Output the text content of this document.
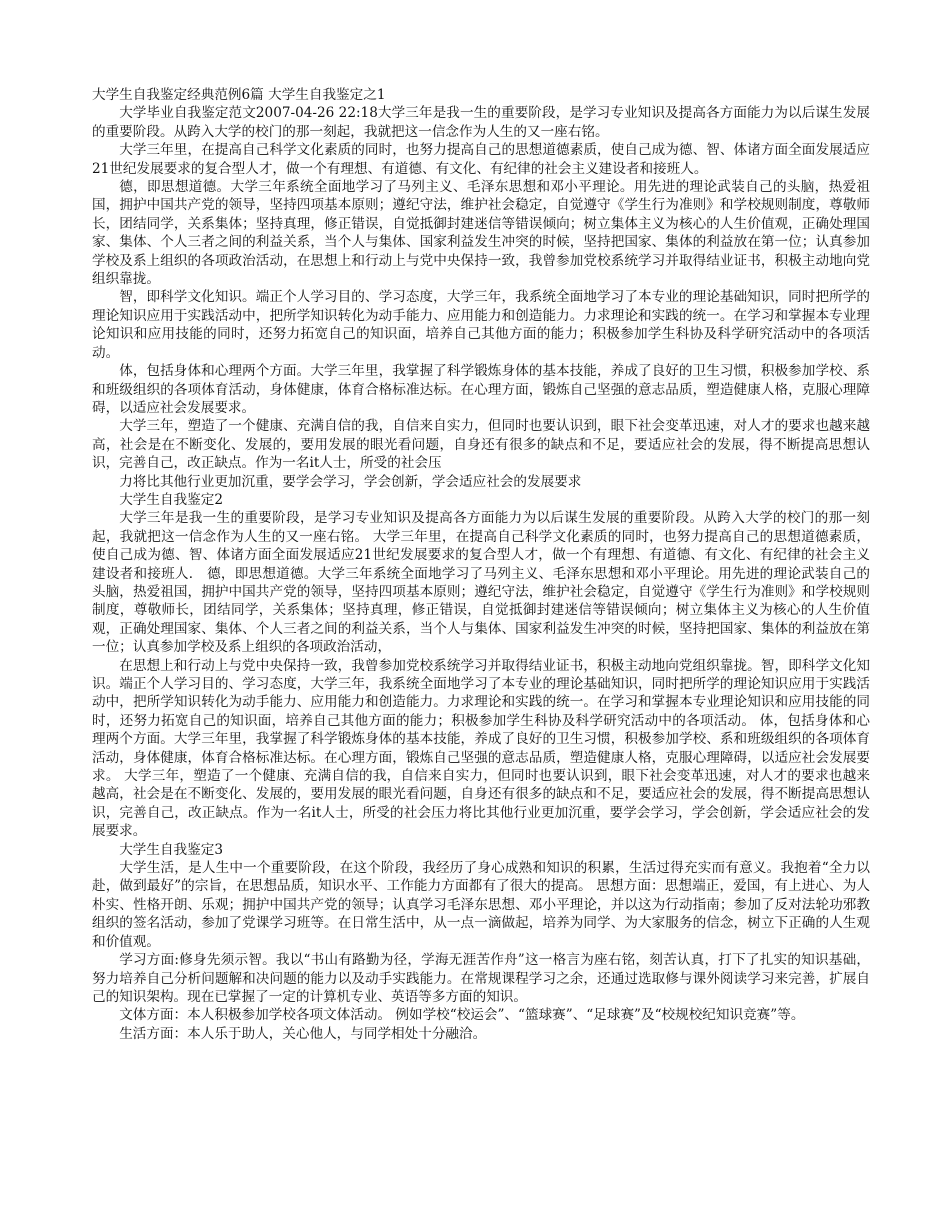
大学生自我鉴定经典范例6篇 大学生自我鉴定之1

大学毕业自我鉴定范文2007-04-26 22:18大学三年是我一生的重要阶段，是学习专业知识及提高各方面能力为以后谋生发展的重要阶段。从跨入大学的校门的那一刻起，我就把这一信念作为人生的又一座右铭。

大学三年里，在提高自己科学文化素质的同时，也努力提高自己的思想道德素质，使自己成为德、智、体诸方面全面发展适应21世纪发展要求的复合型人才，做一个有理想、有道德、有文化、有纪律的社会主义建设者和接班人。

德，即思想道德。大学三年系统全面地学习了马列主义、毛泽东思想和邓小平理论。用先进的理论武装自己的头脑，热爱祖国，拥护中国共产党的领导，坚持四项基本原则；遵纪守法，维护社会稳定，自觉遵守《学生行为准则》和学校规则制度，尊敬师长，团结同学，关系集体；坚持真理，修正错误，自觉抵御封建迷信等错误倾向；树立集体主义为核心的人生价值观，正确处理国家、集体、个人三者之间的利益关系，当个人与集体、国家利益发生冲突的时候，坚持把国家、集体的利益放在第一位；认真参加学校及系上组织的各项政治活动，在思想上和行动上与党中央保持一致，我曾参加党校系统学习并取得结业证书，积极主动地向党组织靠拢。

智，即科学文化知识。端正个人学习目的、学习态度，大学三年，我系统全面地学习了本专业的理论基础知识，同时把所学的理论知识应用于实践活动中，把所学知识转化为动手能力、应用能力和创造能力。力求理论和实践的统一。在学习和掌握本专业理论知识和应用技能的同时，还努力拓宽自己的知识面，培养自己其他方面的能力；积极参加学生科协及科学研究活动中的各项活动。

体，包括身体和心理两个方面。大学三年里，我掌握了科学锻炼身体的基本技能，养成了良好的卫生习惯，积极参加学校、系和班级组织的各项体育活动，身体健康，体育合格标准达标。在心理方面，锻炼自己坚强的意志品质，塑造健康人格，克服心理障碍，以适应社会发展要求。

大学三年，塑造了一个健康、充满自信的我，自信来自实力，但同时也要认识到，眼下社会变革迅速，对人才的要求也越来越高，社会是在不断变化、发展的，要用发展的眼光看问题，自身还有很多的缺点和不足，要适应社会的发展，得不断提高思想认识，完善自己，改正缺点。作为一名it人士，所受的社会压

力将比其他行业更加沉重，要学会学习，学会创新，学会适应社会的发展要求

大学生自我鉴定2

大学三年是我一生的重要阶段，是学习专业知识及提高各方面能力为以后谋生发展的重要阶段。从跨入大学的校门的那一刻起，我就把这一信念作为人生的又一座右铭。 大学三年里，在提高自己科学文化素质的同时，也努力提高自己的思想道德素质，使自己成为德、智、体诸方面全面发展适应21世纪发展要求的复合型人才，做一个有理想、有道德、有文化、有纪律的社会主义建设者和接班人． 德，即思想道德。大学三年系统全面地学习了马列主义、毛泽东思想和邓小平理论。用先进的理论武装自己的头脑，热爱祖国，拥护中国共产党的领导，坚持四项基本原则；遵纪守法，维护社会稳定，自觉遵守《学生行为准则》和学校规则制度，尊敬师长，团结同学，关系集体；坚持真理，修正错误，自觉抵御封建迷信等错误倾向；树立集体主义为核心的人生价值观，正确处理国家、集体、个人三者之间的利益关系，当个人与集体、国家利益发生冲突的时候，坚持把国家、集体的利益放在第一位；认真参加学校及系上组织的各项政治活动，

在思想上和行动上与党中央保持一致，我曾参加党校系统学习并取得结业证书，积极主动地向党组织靠拢。智，即科学文化知识。端正个人学习目的、学习态度，大学三年，我系统全面地学习了本专业的理论基础知识，同时把所学的理论知识应用于实践活动中，把所学知识转化为动手能力、应用能力和创造能力。力求理论和实践的统一。在学习和掌握本专业理论知识和应用技能的同时，还努力拓宽自己的知识面，培养自己其他方面的能力；积极参加学生科协及科学研究活动中的各项活动。 体，包括身体和心理两个方面。大学三年里，我掌握了科学锻炼身体的基本技能，养成了良好的卫生习惯，积极参加学校、系和班级组织的各项体育活动，身体健康，体育合格标准达标。在心理方面，锻炼自己坚强的意志品质，塑造健康人格，克服心理障碍，以适应社会发展要求。 大学三年，塑造了一个健康、充满自信的我，自信来自实力，但同时也要认识到，眼下社会变革迅速，对人才的要求也越来越高，社会是在不断变化、发展的，要用发展的眼光看问题，自身还有很多的缺点和不足，要适应社会的发展，得不断提高思想认识，完善自己，改正缺点。作为一名it人士，所受的社会压力将比其他行业更加沉重，要学会学习，学会创新，学会适应社会的发展要求。

大学生自我鉴定3

大学生活，是人生中一个重要阶段，在这个阶段，我经历了身心成熟和知识的积累，生活过得充实而有意义。我抱着“全力以赴，做到最好”的宗旨，在思想品质，知识水平、工作能力方面都有了很大的提高。 思想方面：思想端正，爱国，有上进心、为人朴实、性格开朗、乐观；拥护中国共产党的领导；认真学习毛泽东思想、邓小平理论，并以这为行动指南；参加了反对法轮功邪教组织的签名活动，参加了党课学习班等。在日常生活中，从一点一滴做起，培养为同学、为大家服务的信念，树立下正确的人生观和价值观。

学习方面:修身先须示智。我以“书山有路勤为径，学海无涯苦作舟”这一格言为座右铭，刻苦认真，打下了扎实的知识基础，努力培养自己分析问题解和决问题的能力以及动手实践能力。在常规课程学习之余，还通过选取修与课外阅读学习来完善，扩展自己的知识架构。现在已掌握了一定的计算机专业、英语等多方面的知识。

文体方面：本人积极参加学校各项文体活动。 例如学校“校运会”、“篮球赛”、“足球赛”及“校规校纪知识竞赛”等。

生活方面：本人乐于助人，关心他人，与同学相处十分融洽。
